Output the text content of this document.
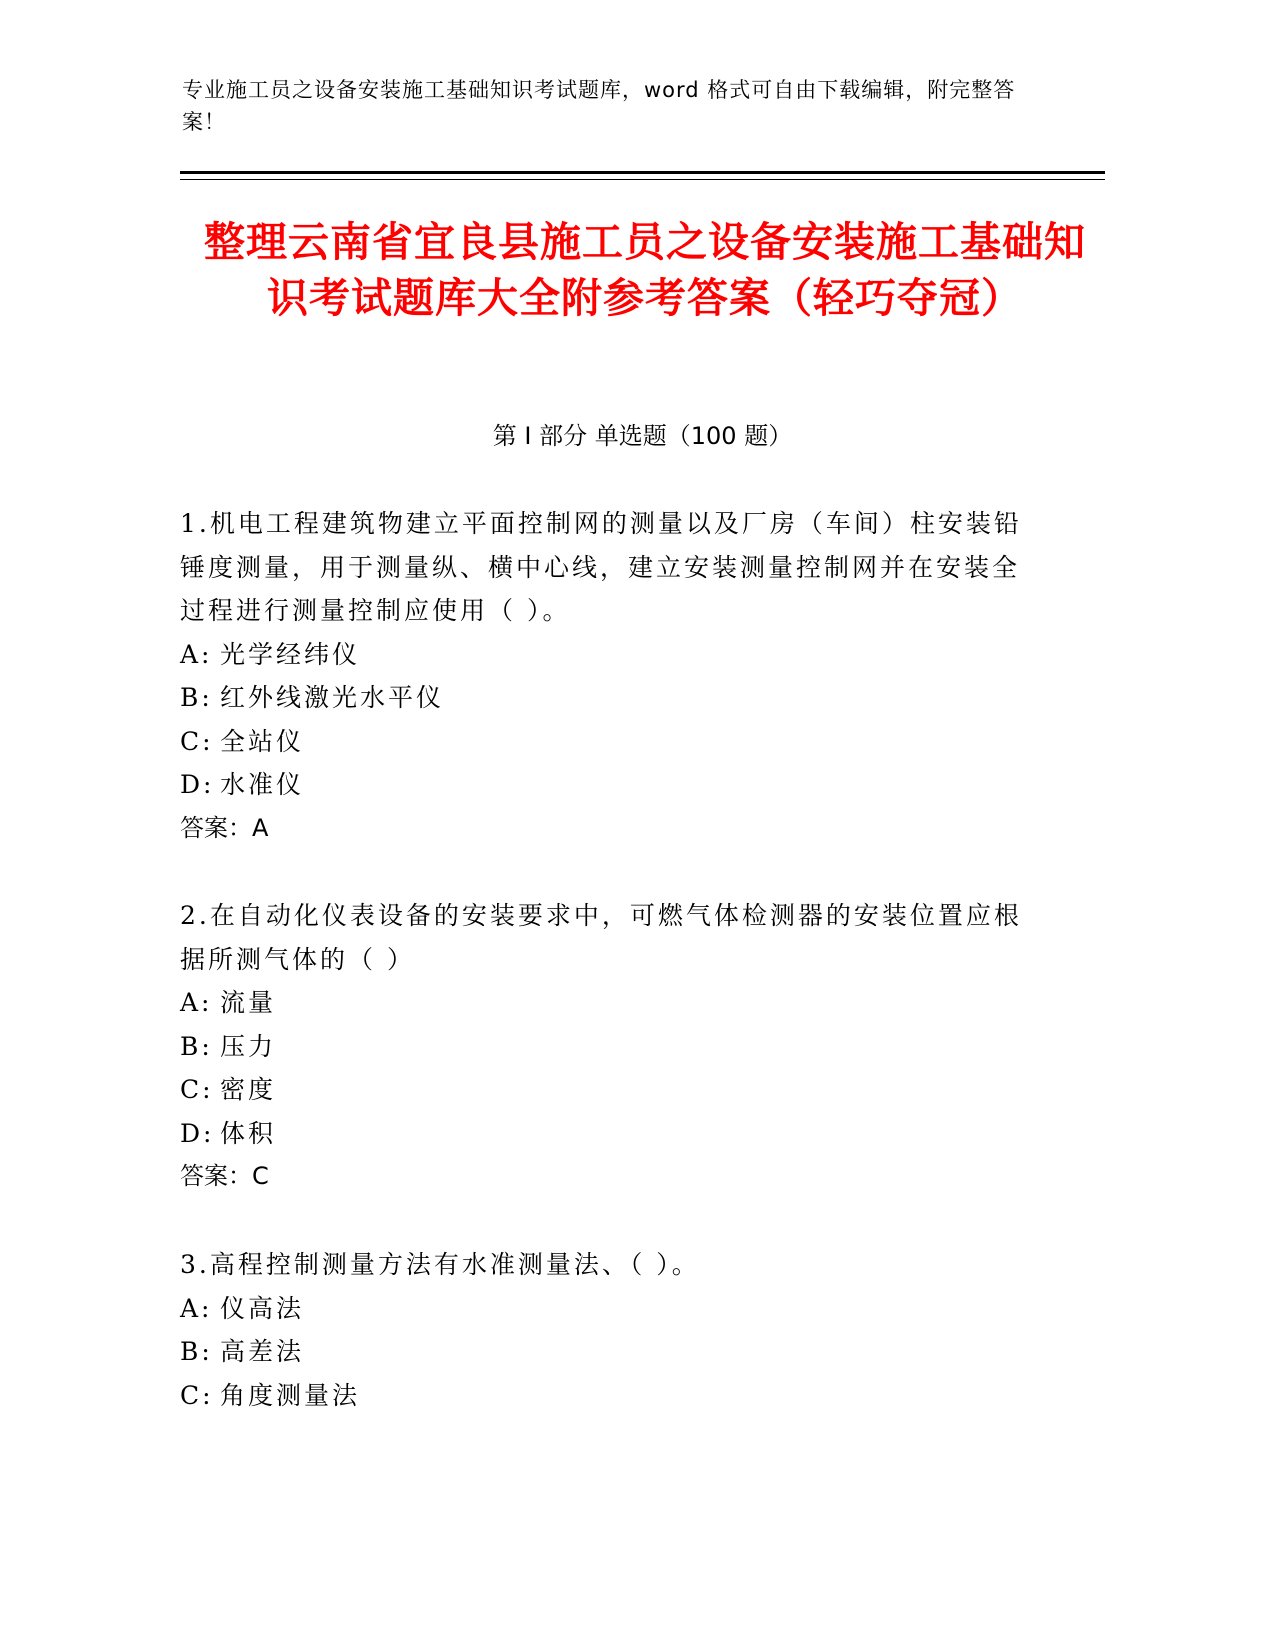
专业施工员之设备安装施工基础知识考试题库，word 格式可自由下载编辑，附完整答案！
整理云南省宜良县施工员之设备安装施工基础知识考试题库大全附参考答案（轻巧夺冠）
第 I 部分 单选题（100 题）

1.机电工程建筑物建立平面控制网的测量以及厂房（车间）柱安装铅锤度测量，用于测量纵、横中心线，建立安装测量控制网并在安装全过程进行测量控制应使用（ ）。

A: 光学经纬仪
B: 红外线激光水平仪
C: 全站仪
D: 水准仪
答案：A

2.在自动化仪表设备的安装要求中，可燃气体检测器的安装位置应根据所测气体的（ ）

A: 流量
B: 压力
C: 密度
D: 体积
答案：C

3.高程控制测量方法有水准测量法、（ ）。

A: 仪高法
B: 高差法
C: 角度测量法
